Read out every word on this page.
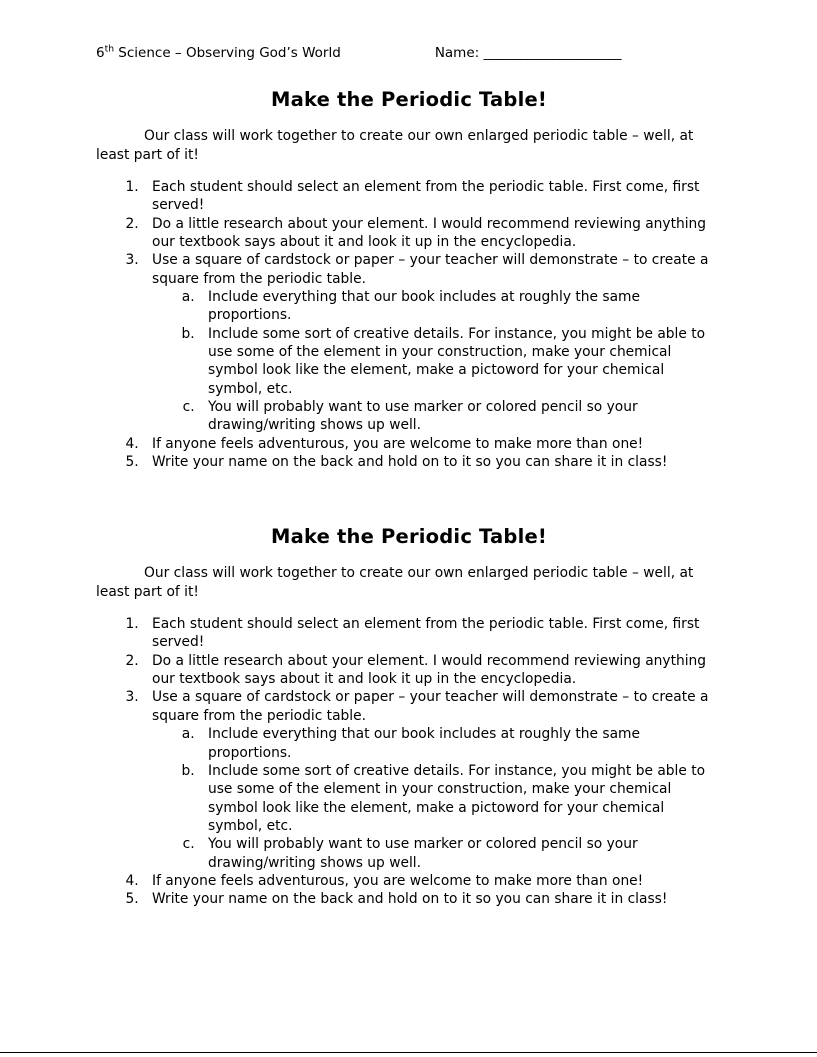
6th Science – Observing God’s World	Name: ______________________
Make the Periodic Table!

Our class will work together to create our own enlarged periodic table – well, at least part of it!

1. Each student should select an element from the periodic table. First come, first served!
2. Do a little research about your element. I would recommend reviewing anything our textbook says about it and look it up in the encyclopedia.
3. Use a square of cardstock or paper – your teacher will demonstrate – to create a square from the periodic table.
a. Include everything that our book includes at roughly the same proportions.
b. Include some sort of creative details. For instance, you might be able to use some of the element in your construction, make your chemical symbol look like the element, make a pictoword for your chemical symbol, etc.
c. You will probably want to use marker or colored pencil so your drawing/writing shows up well.
4. If anyone feels adventurous, you are welcome to make more than one!
5. Write your name on the back and hold on to it so you can share it in class!
Make the Periodic Table!

Our class will work together to create our own enlarged periodic table – well, at least part of it!

1. Each student should select an element from the periodic table. First come, first served!
2. Do a little research about your element. I would recommend reviewing anything our textbook says about it and look it up in the encyclopedia.
3. Use a square of cardstock or paper – your teacher will demonstrate – to create a square from the periodic table.
a. Include everything that our book includes at roughly the same proportions.
b. Include some sort of creative details. For instance, you might be able to use some of the element in your construction, make your chemical symbol look like the element, make a pictoword for your chemical symbol, etc.
c. You will probably want to use marker or colored pencil so your drawing/writing shows up well.
4. If anyone feels adventurous, you are welcome to make more than one!
5. Write your name on the back and hold on to it so you can share it in class!
